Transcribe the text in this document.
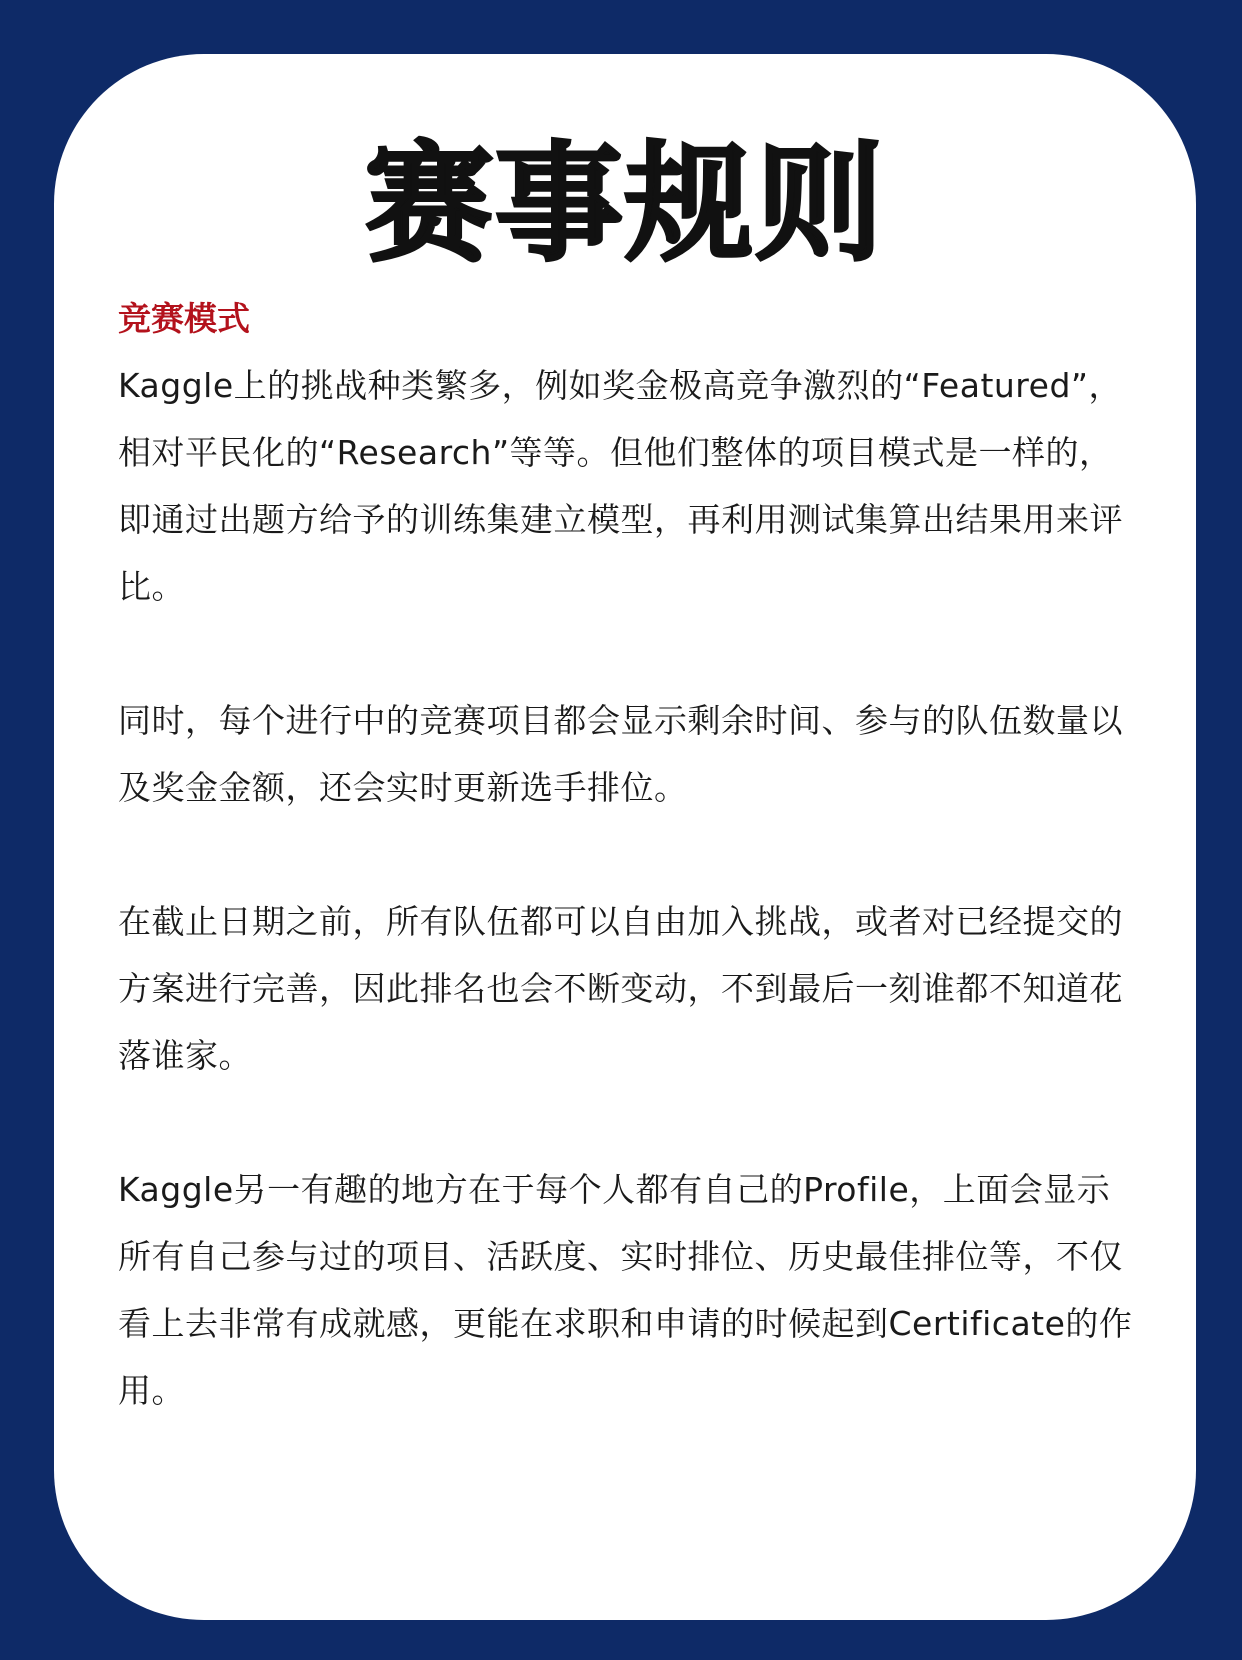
赛事规则
竞赛模式

Kaggle上的挑战种类繁多，例如奖金极高竞争激烈的“Featured”，相对平民化的“Research”等等。但他们整体的项目模式是一样的，即通过出题方给予的训练集建立模型，再利用测试集算出结果用来评比。

同时，每个进行中的竞赛项目都会显示剩余时间、参与的队伍数量以及奖金金额，还会实时更新选手排位。

在截止日期之前，所有队伍都可以自由加入挑战，或者对已经提交的方案进行完善，因此排名也会不断变动，不到最后一刻谁都不知道花落谁家。

Kaggle另一有趣的地方在于每个人都有自己的Profile，上面会显示所有自己参与过的项目、活跃度、实时排位、历史最佳排位等，不仅看上去非常有成就感，更能在求职和申请的时候起到Certificate的作用。
